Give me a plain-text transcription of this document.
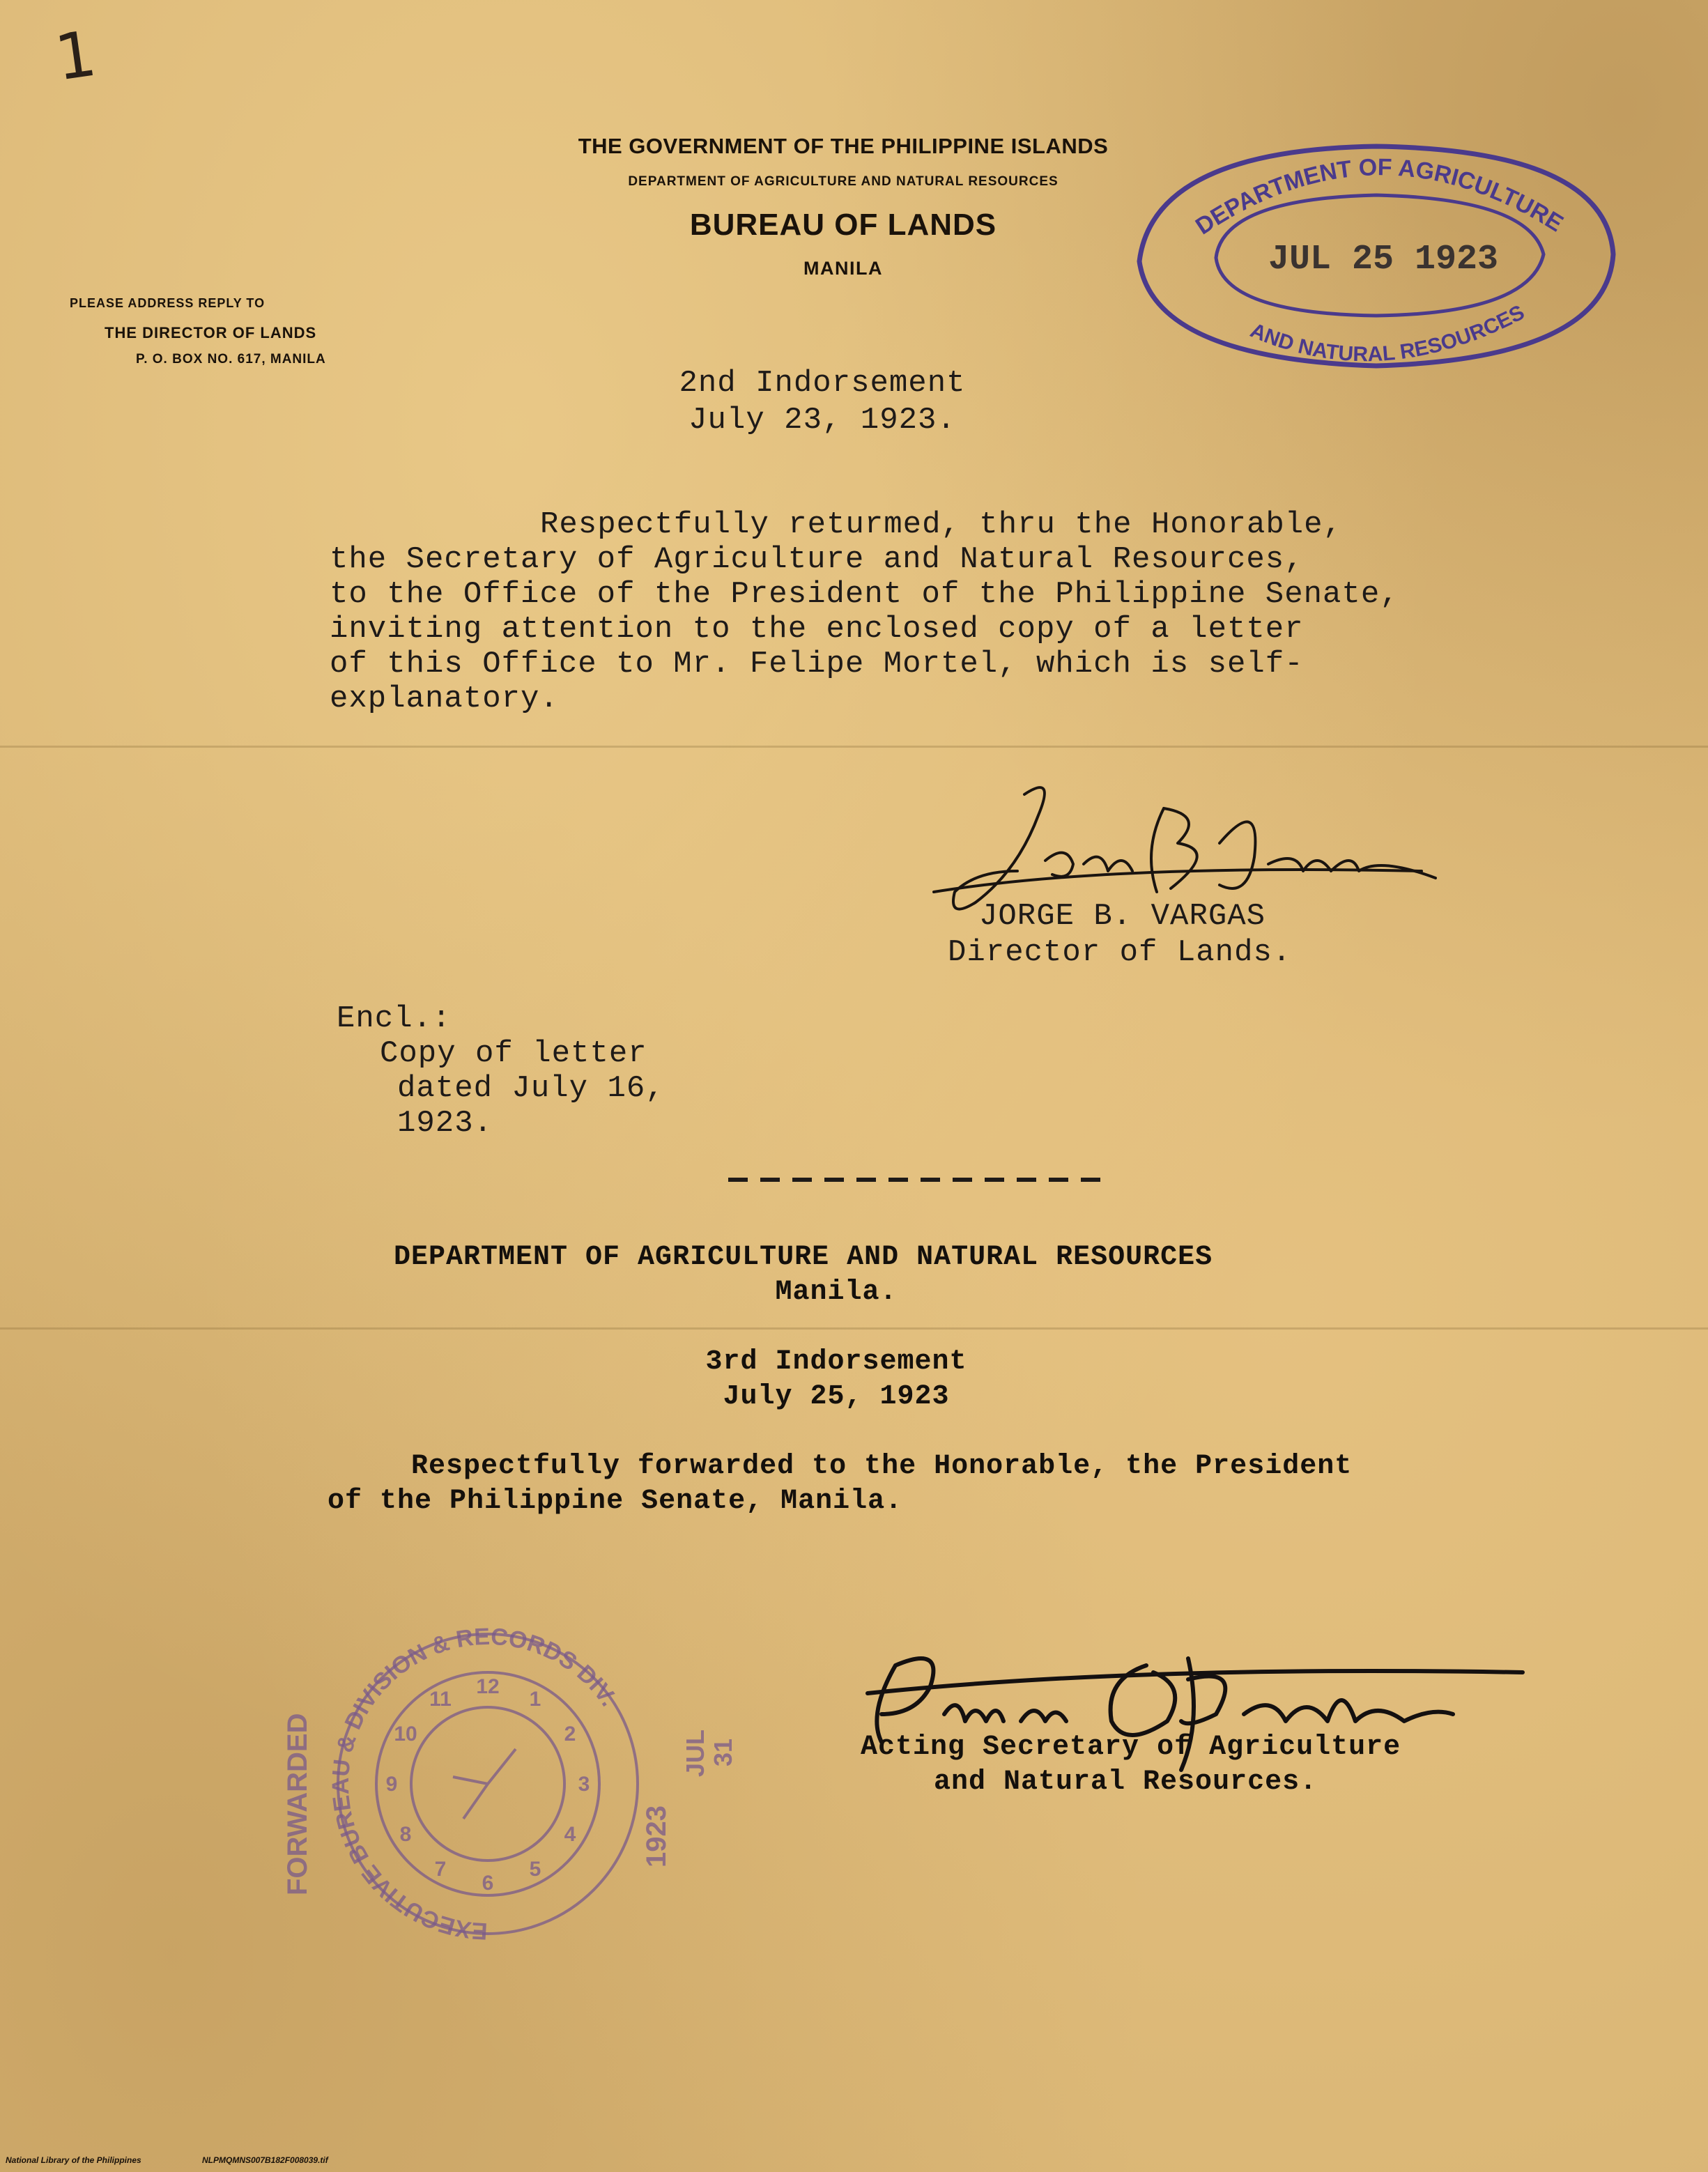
1
THE GOVERNMENT OF THE PHILIPPINE ISLANDS
DEPARTMENT OF AGRICULTURE AND NATURAL RESOURCES
BUREAU OF LANDS
MANILA
PLEASE ADDRESS REPLY TO
THE DIRECTOR OF LANDS
P. O. BOX NO. 617, MANILA
DEPARTMENT OF AGRICULTURE
JUL 25 1923
AND NATURAL RESOURCES
2nd Indorsement
July 23, 1923.
Respectfully returmed, thru the Honorable,
the Secretary of Agriculture and Natural Resources,
to the Office of the President of the Philippine Senate,
inviting attention to the enclosed copy of a letter
of this Office to Mr. Felipe Mortel, which is self-
explanatory.
JORGE B. VARGAS
Director of Lands.
Encl.:
Copy of letter
dated July 16,
1923.
DEPARTMENT OF AGRICULTURE AND NATURAL RESOURCES
Manila.
3rd Indorsement
July 25, 1923
Respectfully forwarded to the Honorable, the President
of the Philippine Senate, Manila.
EXECUTIVE BUREAU & DIVISION & RECORDS DIV.
12
1
2
3
4
5
6
7
8
9
10
11
FORWARDED	1923
JUL 31	Acting Secretary of Agriculture
and Natural Resources.
National Library of the Philippines	NLPMQMNS007B182F008039.tif
